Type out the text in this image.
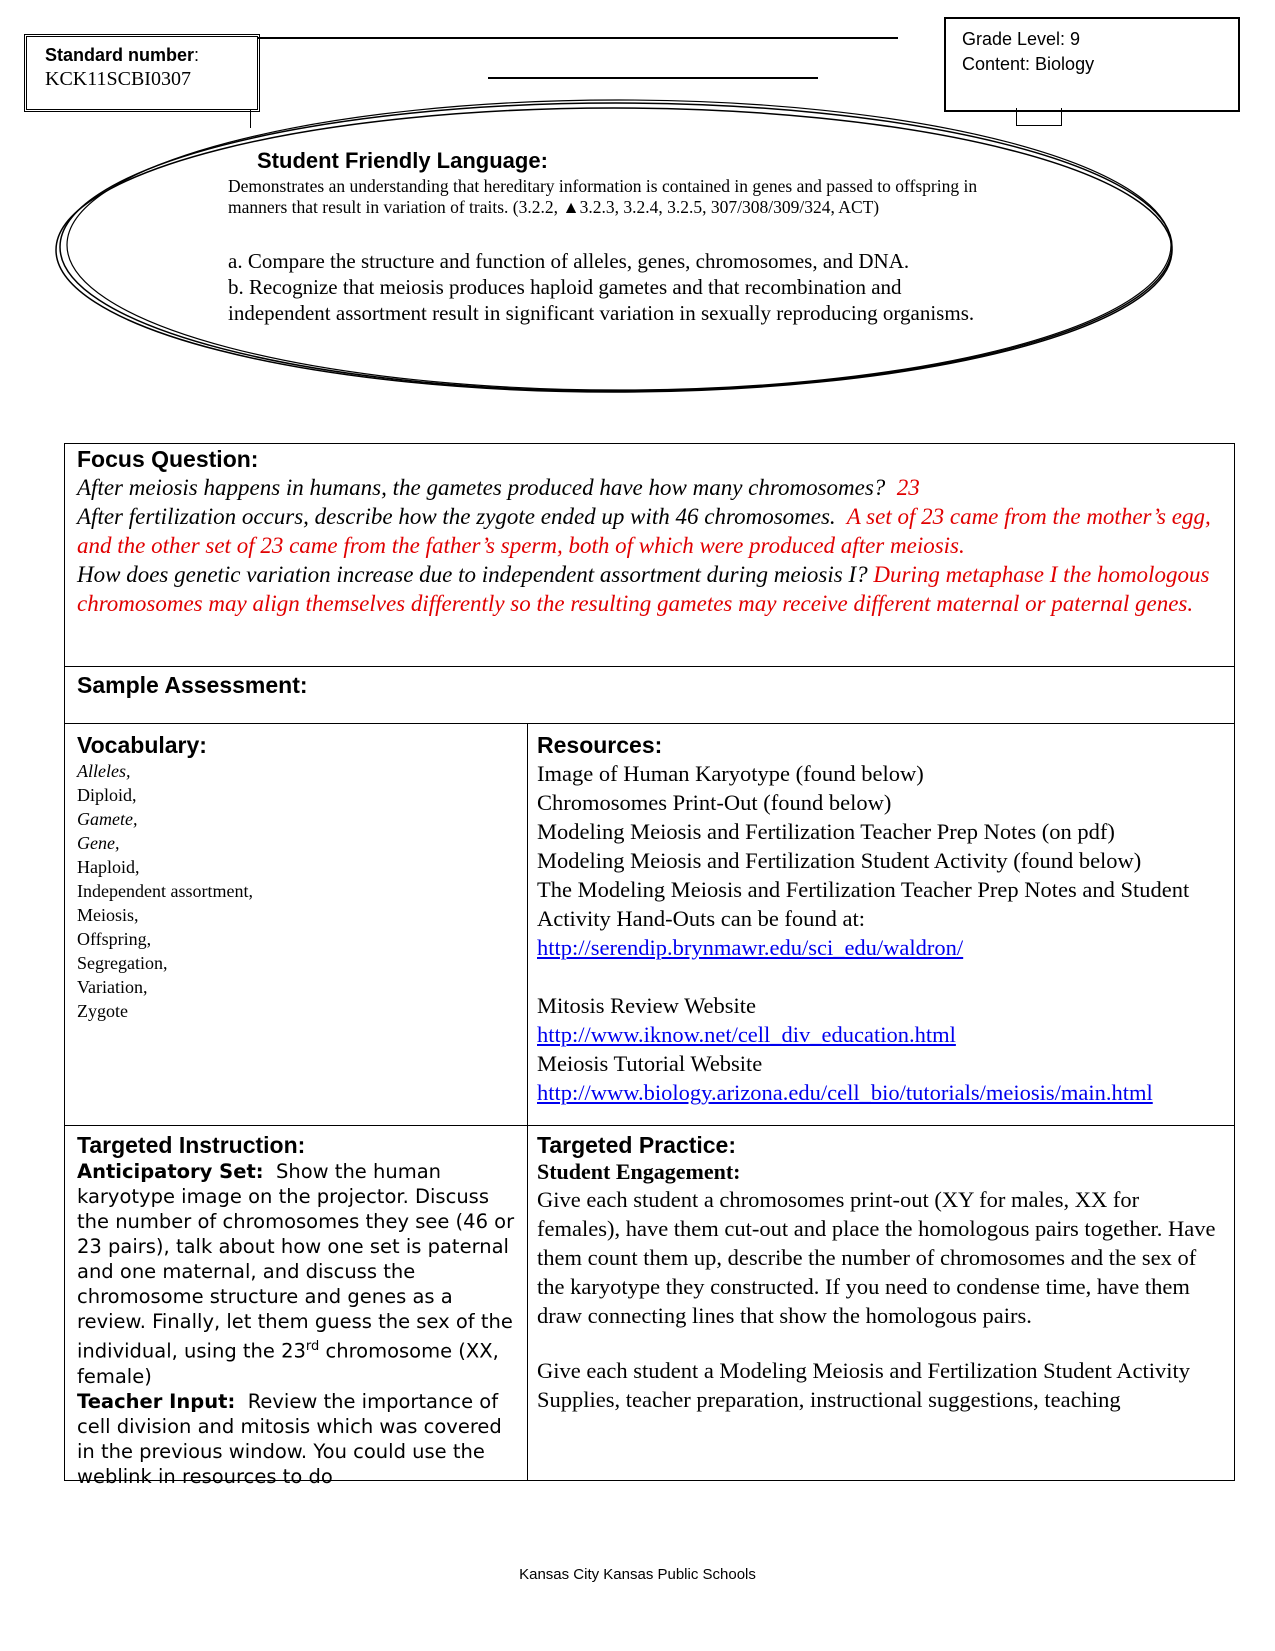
Standard number:
KCK11SCBI0307
Grade Level: 9
Content: Biology
Student Friendly Language:
Demonstrates an understanding that hereditary information is contained in genes and passed to offspring in manners that result in variation of traits. (3.2.2, ▲3.2.3, 3.2.4, 3.2.5, 307/308/309/324, ACT)
a. Compare the structure and function of alleles, genes, chromosomes, and DNA.
b. Recognize that meiosis produces haploid gametes and that recombination and independent assortment result in significant variation in sexually reproducing organisms.
Focus Question:
After meiosis happens in humans, the gametes produced have how many chromosomes? 23
After fertilization occurs, describe how the zygote ended up with 46 chromosomes. A set of 23 came from the mother’s egg, and the other set of 23 came from the father’s sperm, both of which were produced after meiosis.
How does genetic variation increase due to independent assortment during meiosis I? During metaphase I the homologous chromosomes may align themselves differently so the resulting gametes may receive different maternal or paternal genes.
Sample Assessment:
Vocabulary:
Alleles,
Diploid,
Gamete,
Gene,
Haploid,
Independent assortment,
Meiosis,
Offspring,
Segregation,
Variation,
Zygote
Resources:
Image of Human Karyotype (found below)
Chromosomes Print-Out (found below)
Modeling Meiosis and Fertilization Teacher Prep Notes (on pdf)
Modeling Meiosis and Fertilization Student Activity (found below)
The Modeling Meiosis and Fertilization Teacher Prep Notes and Student Activity Hand-Outs can be found at:
http://serendip.brynmawr.edu/sci_edu/waldron/
Mitosis Review Website
http://www.iknow.net/cell_div_education.html
Meiosis Tutorial Website
http://www.biology.arizona.edu/cell_bio/tutorials/meiosis/main.html
Targeted Instruction:
Anticipatory Set: Show the human karyotype image on the projector. Discuss the number of chromosomes they see (46 or 23 pairs), talk about how one set is paternal and one maternal, and discuss the chromosome structure and genes as a review. Finally, let them guess the sex of the individual, using the 23rd chromosome (XX, female)
Teacher Input: Review the importance of cell division and mitosis which was covered in the previous window. You could use the weblink in resources to do
Targeted Practice:
Student Engagement:
Give each student a chromosomes print-out (XY for males, XX for females), have them cut-out and place the homologous pairs together. Have them count them up, describe the number of chromosomes and the sex of the karyotype they constructed. If you need to condense time, have them draw connecting lines that show the homologous pairs.
Give each student a Modeling Meiosis and Fertilization Student Activity
Supplies, teacher preparation, instructional suggestions, teaching
Kansas City Kansas Public Schools
